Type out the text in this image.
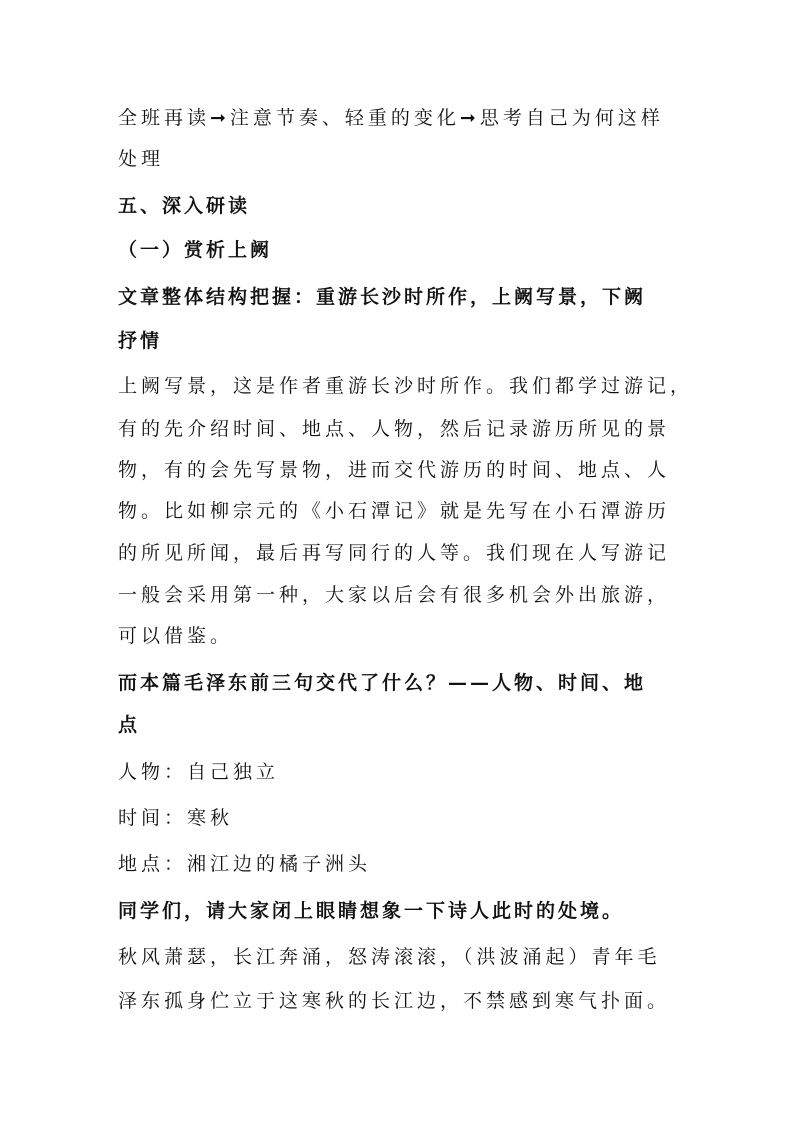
全班再读➞注意节奏、轻重的变化➞思考自己为何这样
处理
五、深入研读
（一）赏析上阙
文章整体结构把握：重游长沙时所作，上阙写景，下阙
抒情
上阙写景，这是作者重游长沙时所作。我们都学过游记，
有的先介绍时间、地点、人物，然后记录游历所见的景
物，有的会先写景物，进而交代游历的时间、地点、人
物。比如柳宗元的《小石潭记》就是先写在小石潭游历
的所见所闻，最后再写同行的人等。我们现在人写游记
一般会采用第一种，大家以后会有很多机会外出旅游，
可以借鉴。
而本篇毛泽东前三句交代了什么？——人物、时间、地
点
人物：自己独立
时间：寒秋
地点：湘江边的橘子洲头
同学们，请大家闭上眼睛想象一下诗人此时的处境。
秋风萧瑟，长江奔涌，怒涛滚滚，（洪波涌起）青年毛
泽东孤身伫立于这寒秋的长江边，不禁感到寒气扑面。
